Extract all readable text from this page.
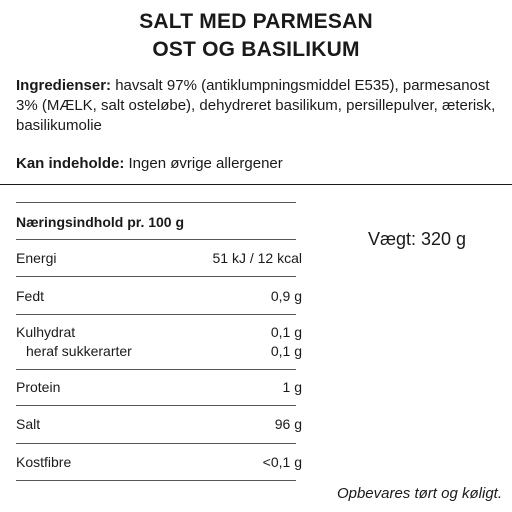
SALT MED PARMESAN
OST OG BASILIKUM
Ingredienser: havsalt 97% (antiklumpningsmiddel E535), parmesanost 3% (MÆLK, salt osteløbe), dehydreret basilikum, persillepulver, æterisk, basilikumolie
Kan indeholde: Ingen øvrige allergener
Næringsindhold pr. 100 g
Energi	51 kJ / 12 kcal
Fedt	0,9 g
Kulhydrat	0,1 g
heraf sukkerarter	0,1 g
Protein	1 g
Salt	96 g
Kostfibre	<0,1 g
Vægt: 320 g
Opbevares tørt og køligt.
